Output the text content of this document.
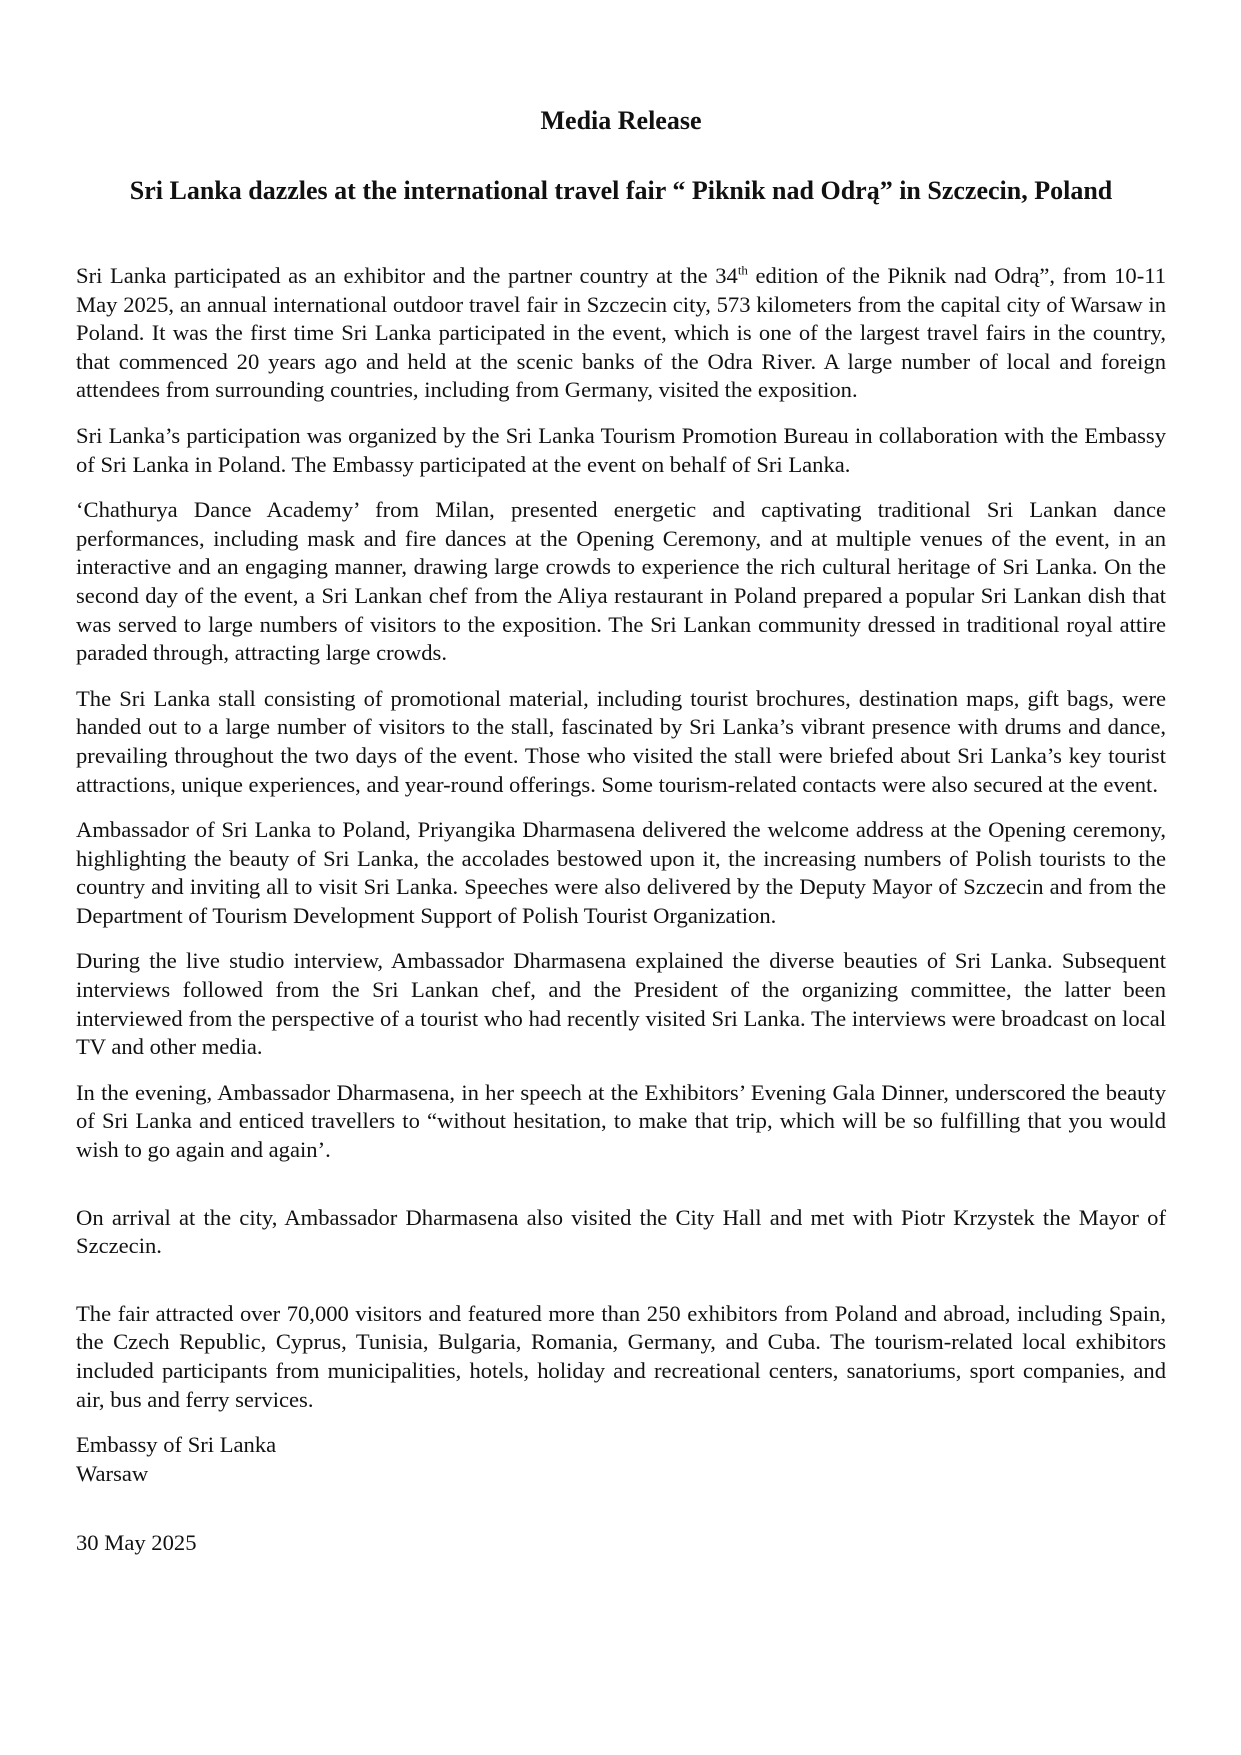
Media Release
Sri Lanka dazzles at the international travel fair “ Piknik nad Odrą” in Szczecin, Poland

Sri Lanka participated as an exhibitor and the partner country at the 34th edition of the Piknik nad Odrą”, from 10-11 May 2025, an annual international outdoor travel fair in Szczecin city, 573 kilometers from the capital city of Warsaw in Poland. It was the first time Sri Lanka participated in the event, which is one of the largest travel fairs in the country, that commenced 20 years ago and held at the scenic banks of the Odra River. A large number of local and foreign attendees from surrounding countries, including from Germany, visited the exposition.

Sri Lanka’s participation was organized by the Sri Lanka Tourism Promotion Bureau in collaboration with the Embassy of Sri Lanka in Poland. The Embassy participated at the event on behalf of Sri Lanka.

‘Chathurya Dance Academy’ from Milan, presented energetic and captivating traditional Sri Lankan dance performances, including mask and fire dances at the Opening Ceremony, and at multiple venues of the event, in an interactive and an engaging manner, drawing large crowds to experience the rich cultural heritage of Sri Lanka. On the second day of the event, a Sri Lankan chef from the Aliya restaurant in Poland prepared a popular Sri Lankan dish that was served to large numbers of visitors to the exposition. The Sri Lankan community dressed in traditional royal attire paraded through, attracting large crowds.

The Sri Lanka stall consisting of promotional material, including tourist brochures, destination maps, gift bags, were handed out to a large number of visitors to the stall, fascinated by Sri Lanka’s vibrant presence with drums and dance, prevailing throughout the two days of the event. Those who visited the stall were briefed about Sri Lanka’s key tourist attractions, unique experiences, and year-round offerings. Some tourism-related contacts were also secured at the event.

Ambassador of Sri Lanka to Poland, Priyangika Dharmasena delivered the welcome address at the Opening ceremony, highlighting the beauty of Sri Lanka, the accolades bestowed upon it, the increasing numbers of Polish tourists to the country and inviting all to visit Sri Lanka. Speeches were also delivered by the Deputy Mayor of Szczecin and from the Department of Tourism Development Support of Polish Tourist Organization.

During the live studio interview, Ambassador Dharmasena explained the diverse beauties of Sri Lanka. Subsequent interviews followed from the Sri Lankan chef, and the President of the organizing committee, the latter been interviewed from the perspective of a tourist who had recently visited Sri Lanka. The interviews were broadcast on local TV and other media.

In the evening, Ambassador Dharmasena, in her speech at the Exhibitors’ Evening Gala Dinner, underscored the beauty of Sri Lanka and enticed travellers to “without hesitation, to make that trip, which will be so fulfilling that you would wish to go again and again’.

On arrival at the city, Ambassador Dharmasena also visited the City Hall and met with Piotr Krzystek the Mayor of Szczecin.

The fair attracted over 70,000 visitors and featured more than 250 exhibitors from Poland and abroad, including Spain, the Czech Republic, Cyprus, Tunisia, Bulgaria, Romania, Germany, and Cuba. The tourism-related local exhibitors included participants from municipalities, hotels, holiday and recreational centers, sanatoriums, sport companies, and air, bus and ferry services.

Embassy of Sri Lanka
Warsaw

30 May 2025
